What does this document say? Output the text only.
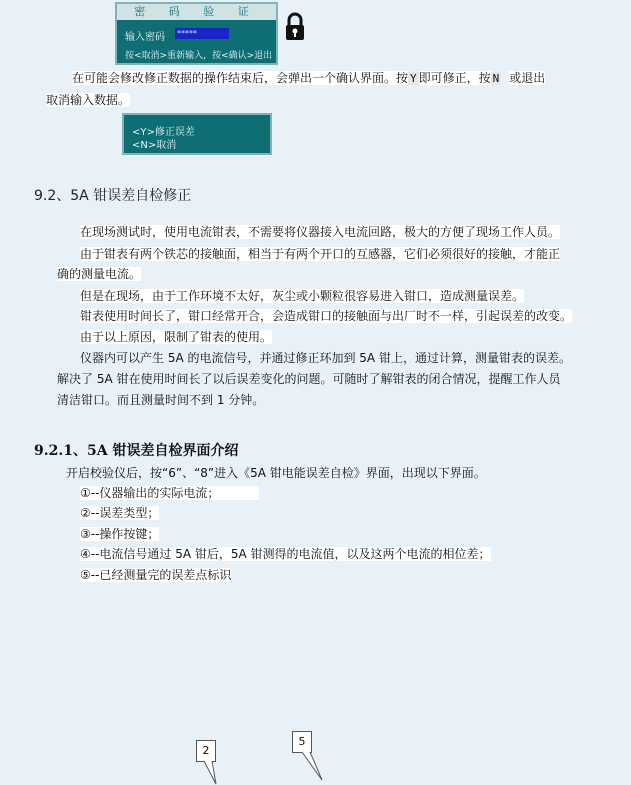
密 码 验 证
输入密码 *****
按<取消>重新输入，按<确认>退出
在可能会修改修正数据的操作结束后，会弹出一个确认界面。按 Y 即可修正，按 N 或退出
取消输入数据。
<Y>修正误差
<N>取消
9.2、5A 钳误差自检修正
在现场测试时，使用电流钳表，不需要将仪器接入电流回路，极大的方便了现场工作人员。
由于钳表有两个铁芯的接触面，相当于有两个开口的互感器，它们必须很好的接触，才能正
确的测量电流。
但是在现场，由于工作环境不太好，灰尘或小颗粒很容易进入钳口，造成测量误差。
钳表使用时间长了，钳口经常开合，会造成钳口的接触面与出厂时不一样，引起误差的改变。
由于以上原因，限制了钳表的使用。
仪器内可以产生 5A 的电流信号，并通过修正环加到 5A 钳上，通过计算，测量钳表的误差。
解决了 5A 钳在使用时间长了以后误差变化的问题。可随时了解钳表的闭合情况，提醒工作人员
清洁钳口。而且测量时间不到 1 分钟。
9.2.1、5A 钳误差自检界面介绍
开启校验仪后，按“6”、“8”进入《5A 钳电能误差自检》界面，出现以下界面。
①--仪器输出的实际电流；
②--误差类型；
③--操作按键；
④--电流信号通过 5A 钳后，5A 钳测得的电流值，以及这两个电流的相位差；
⑤--已经测量完的误差点标识
2
5
